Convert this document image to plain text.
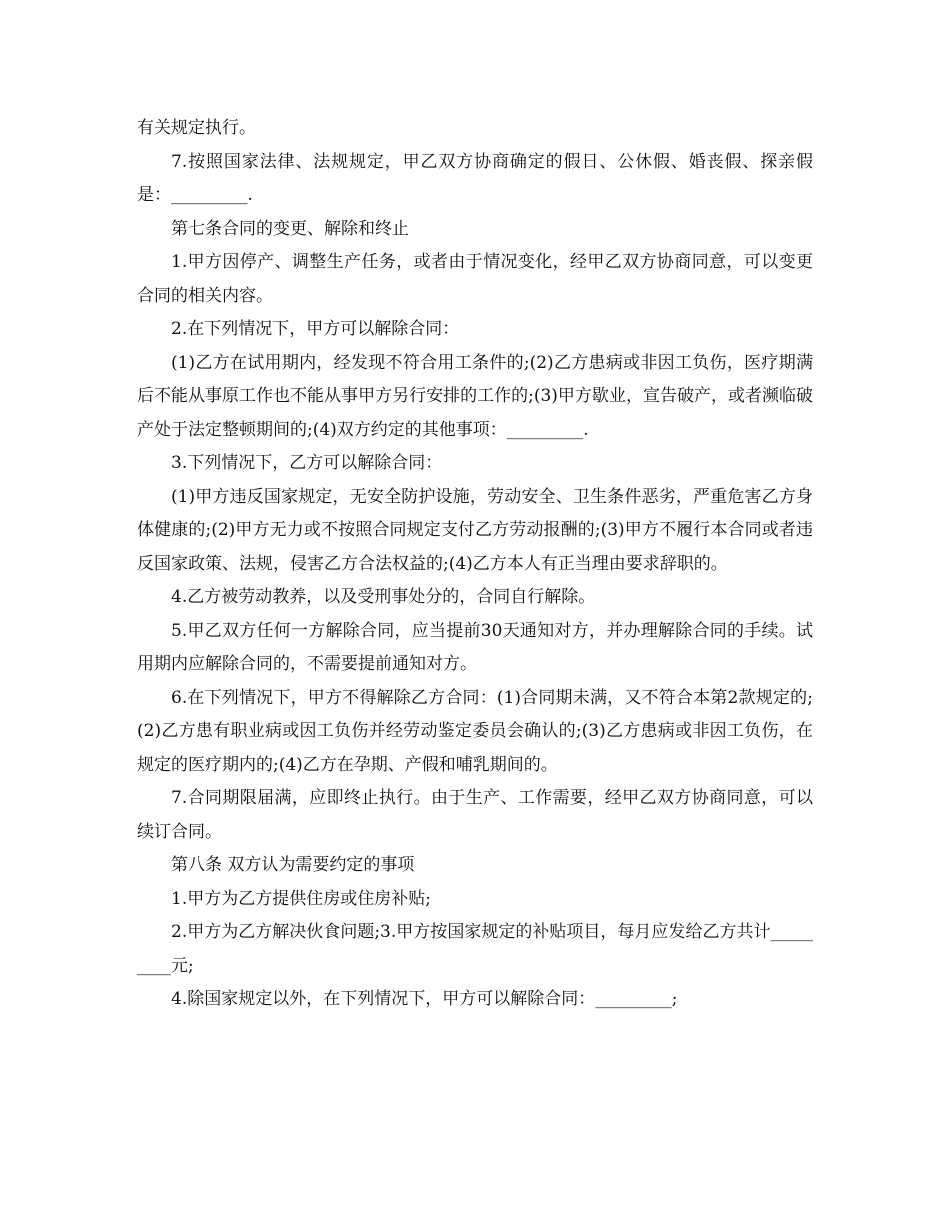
有关规定执行。

7.按照国家法律、法规规定，甲乙双方协商确定的假日、公休假、婚丧假、探亲假是：_________.

第七条合同的变更、解除和终止

1.甲方因停产、调整生产任务，或者由于情况变化，经甲乙双方协商同意，可以变更合同的相关内容。

2.在下列情况下，甲方可以解除合同：

(1)乙方在试用期内，经发现不符合用工条件的;(2)乙方患病或非因工负伤，医疗期满后不能从事原工作也不能从事甲方另行安排的工作的;(3)甲方歇业，宣告破产，或者濒临破产处于法定整顿期间的;(4)双方约定的其他事项：_________.

3.下列情况下，乙方可以解除合同：

(1)甲方违反国家规定，无安全防护设施，劳动安全、卫生条件恶劣，严重危害乙方身体健康的;(2)甲方无力或不按照合同规定支付乙方劳动报酬的;(3)甲方不履行本合同或者违反国家政策、法规，侵害乙方合法权益的;(4)乙方本人有正当理由要求辞职的。

4.乙方被劳动教养，以及受刑事处分的，合同自行解除。

5.甲乙双方任何一方解除合同，应当提前30天通知对方，并办理解除合同的手续。试用期内应解除合同的，不需要提前通知对方。

6.在下列情况下，甲方不得解除乙方合同：(1)合同期未满，又不符合本第2款规定的;(2)乙方患有职业病或因工负伤并经劳动鉴定委员会确认的;(3)乙方患病或非因工负伤，在规定的医疗期内的;(4)乙方在孕期、产假和哺乳期间的。

7.合同期限届满，应即终止执行。由于生产、工作需要，经甲乙双方协商同意，可以续订合同。

第八条 双方认为需要约定的事项

1.甲方为乙方提供住房或住房补贴;

2.甲方为乙方解决伙食问题;3.甲方按国家规定的补贴项目，每月应发给乙方共计_________元;

4.除国家规定以外，在下列情况下，甲方可以解除合同：_________;
